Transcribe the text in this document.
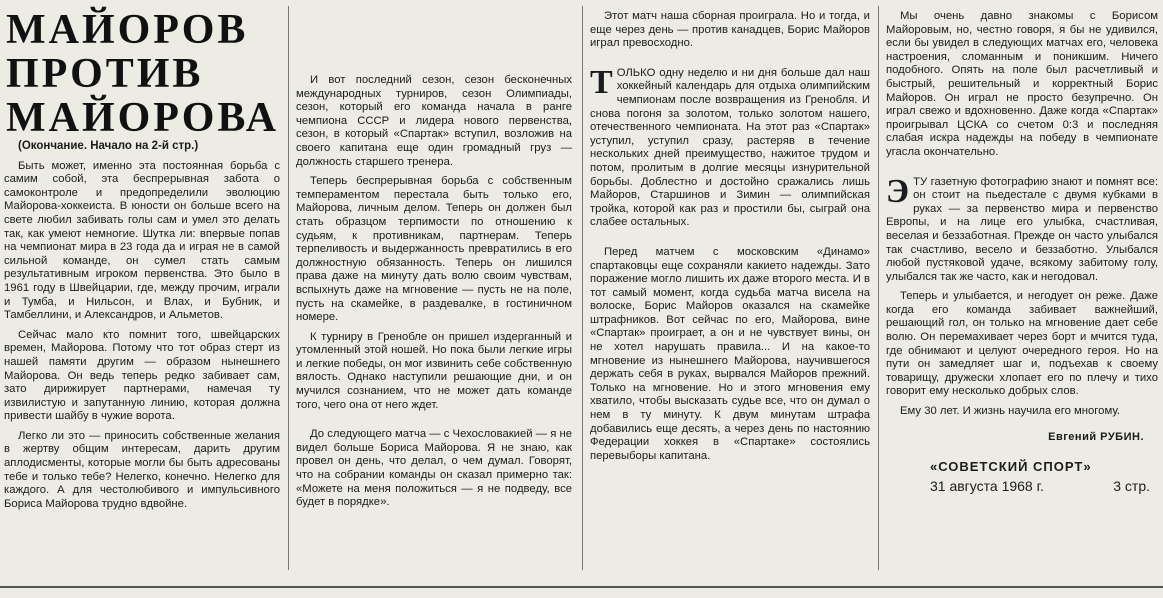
МАЙОРОВ ПРОТИВ МАЙОРОВА

(Окончание. Начало на 2-й стр.)

Быть может, именно эта постоянная борьба с самим собой, эта беспрерывная забота о самоконтроле и предопределили эволюцию Майорова-хоккеиста. В юности он больше всего на свете любил забивать голы сам и умел это делать так, как умеют немногие. Шутка ли: впервые попав на чемпионат мира в 23 года да и играя не в самой сильной команде, он сумел стать самым результативным игроком первенства. Это было в 1961 году в Швейцарии, где, между прочим, играли и Тумба, и Нильсон, и Влах, и Бубник, и Тамбеллини, и Александров, и Альметов.

Сейчас мало кто помнит того, швейцарских времен, Майорова. Потому что тот образ стерт из нашей памяти другим — образом нынешнего Майорова. Он ведь теперь редко забивает сам, зато дирижирует партнерами, намечая ту извилистую и запутанную линию, которая должна привести шайбу в чужие ворота.

Легко ли это — приносить собственные желания в жертву общим интересам, дарить другим аплодисменты, которые могли бы быть адресованы тебе и только тебе? Нелегко, конечно. Нелегко для каждого. А для честолюбивого и импульсивного Бориса Майорова трудно вдвойне.

И вот последний сезон, сезон бесконечных международных турниров, сезон Олимпиады, сезон, который его команда начала в ранге чемпиона СССР и лидера нового первенства, сезон, в который «Спартак» вступил, возложив на своего капитана еще один громадный груз — должность старшего тренера.

Теперь беспрерывная борьба с собственным темпераментом перестала быть только его, Майорова, личным делом. Теперь он должен был стать образцом терпимости по отношению к судьям, к противникам, партнерам. Теперь терпеливость и выдержанность превратились в его должностную обязанность. Теперь он лишился права даже на минуту дать волю своим чувствам, вспыхнуть даже на мгновение — пусть не на поле, пусть на скамейке, в раздевалке, в гостиничном номере.

К турниру в Гренобле он пришел издерганный и утомленный этой ношей. Но пока были легкие игры и легкие победы, он мог извинить себе собственную вялость. Однако наступили решающие дни, и он мучился сознанием, что не может дать команде того, чего она от него ждет.

До следующего матча — с Чехословакией — я не видел больше Бориса Майорова. Я не знаю, как провел он день, что делал, о чем думал. Говорят, что на собрании команды он сказал примерно так: «Можете на меня положиться — я не подведу, все будет в порядке».

Этот матч наша сборная проиграла. Но и тогда, и еще через день — против канадцев, Борис Майоров играл превосходно.

ТОЛЬКО одну неделю и ни дня больше дал наш хоккейный календарь для отдыха олимпийским чемпионам после возвращения из Гренобля. И снова погоня за золотом, только золотом нашего, отечественного чемпионата. На этот раз «Спартак» уступил, уступил сразу, растеряв в течение нескольких дней преимущество, нажитое трудом и потом, пролитым в долгие месяцы изнурительной борьбы. Доблестно и достойно сражались лишь Майоров, Старшинов и Зимин — олимпийская тройка, которой как раз и простили бы, сыграй она слабее остальных.

Перед матчем с московским «Динамо» спартаковцы еще сохраняли какието надежды. Зато поражение могло лишить их даже второго места. И в тот самый момент, когда судьба матча висела на волоске, Борис Майоров оказался на скамейке штрафников. Вот сейчас по его, Майорова, вине «Спартак» проиграет, а он и не чувствует вины, он не хотел нарушать правила... И на какое-то мгновение из нынешнего Майорова, научившегося держать себя в руках, вырвался Майоров прежний. Только на мгновение. Но и этого мгновения ему хватило, чтобы высказать судье все, что он думал о нем в ту минуту. К двум минутам штрафа добавились еще десять, а через день по настоянию Федерации хоккея в «Спартаке» состоялись перевыборы капитана.

Мы очень давно знакомы с Борисом Майоровым, но, честно говоря, я бы не удивился, если бы увидел в следующих матчах его, человека настроения, сломанным и поникшим. Ничего подобного. Опять на поле был расчетливый и быстрый, решительный и корректный Борис Майоров. Он играл не просто безупречно. Он играл свежо и вдохновенно. Даже когда «Спартак» проигрывал ЦСКА со счетом 0:3 и последняя слабая искра надежды на победу в чемпионате угасла окончательно.

ЭТУ газетную фотографию знают и помнят все: он стоит на пьедестале с двумя кубками в руках — за первенство мира и первенство Европы, и на лице его улыбка, счастливая, веселая и беззаботная. Прежде он часто улыбался так счастливо, весело и беззаботно. Улыбался любой пустяковой удаче, всякому забитому голу, улыбался так же часто, как и негодовал.

Теперь и улыбается, и негодует он реже. Даже когда его команда забивает важнейший, решающий гол, он только на мгновение дает себе волю. Он перемахивает через борт и мчится туда, где обнимают и целуют очередного героя. Но на пути он замедляет шаг и, подъехав к своему товарищу, дружески хлопает его по плечу и тихо говорит ему несколько добрых слов.

Ему 30 лет. И жизнь научила его многому.

Евгений РУБИН.
«СОВЕТСКИЙ СПОРТ»
31 августа 1968 г.	3 стр.
